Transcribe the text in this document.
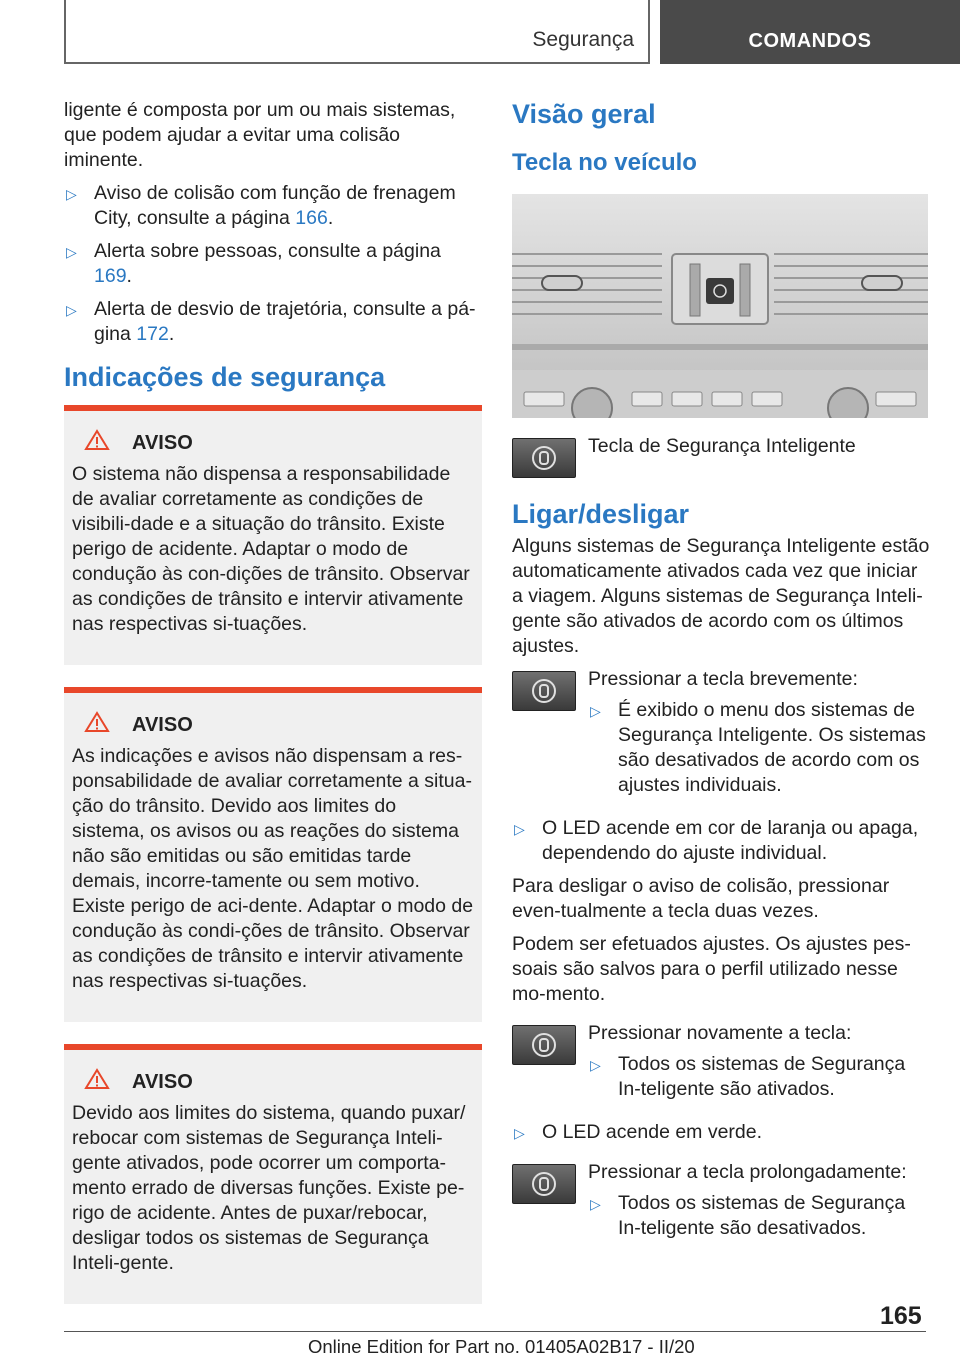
Segurança	COMANDOS

ligente é composta por um ou mais sistemas, que podem ajudar a evitar uma colisão iminente.

▷ Aviso de colisão com função de frenagem City, consulte a página 166.
▷ Alerta sobre pessoas, consulte a página 169.
▷ Alerta de desvio de trajetória, consulte a pá-gina 172.
Indicações de segurança
AVISO

O sistema não dispensa a responsabilidade de avaliar corretamente as condições de visibili-dade e a situação do trânsito. Existe perigo de acidente. Adaptar o modo de condução às con-dições de trânsito. Observar as condições de trânsito e intervir ativamente nas respectivas si-tuações.

AVISO

As indicações e avisos não dispensam a res-ponsabilidade de avaliar corretamente a situa-ção do trânsito. Devido aos limites do sistema, os avisos ou as reações do sistema não são emitidas ou são emitidas tarde demais, incorre-tamente ou sem motivo. Existe perigo de aci-dente. Adaptar o modo de condução às condi-ções de trânsito. Observar as condições de trânsito e intervir ativamente nas respectivas si-tuações.

AVISO

Devido aos limites do sistema, quando puxar/ rebocar com sistemas de Segurança Inteli-gente ativados, pode ocorrer um comporta-mento errado de diversas funções. Existe pe-rigo de acidente. Antes de puxar/rebocar, desligar todos os sistemas de Segurança Inteli-gente.

Visão geral
Tecla no veículo
Tecla de Segurança Inteligente
Ligar/desligar

Alguns sistemas de Segurança Inteligente estão automaticamente ativados cada vez que iniciar a viagem. Alguns sistemas de Segurança Inteli-gente são ativados de acordo com os últimos ajustes.

Pressionar a tecla brevemente:

▷ É exibido o menu dos sistemas de Segurança Inteligente. Os sistemas são desativados de acordo com os ajustes individuais.
▷ O LED acende em cor de laranja ou apaga, dependendo do ajuste individual.

Para desligar o aviso de colisão, pressionar even-tualmente a tecla duas vezes.

Podem ser efetuados ajustes. Os ajustes pes-soais são salvos para o perfil utilizado nesse mo-mento.

Pressionar novamente a tecla:

▷ Todos os sistemas de Segurança In-teligente são ativados.
▷ O LED acende em verde.

Pressionar a tecla prolongadamente:

▷ Todos os sistemas de Segurança In-teligente são desativados.
165
Online Edition for Part no. 01405A02B17 - II/20
